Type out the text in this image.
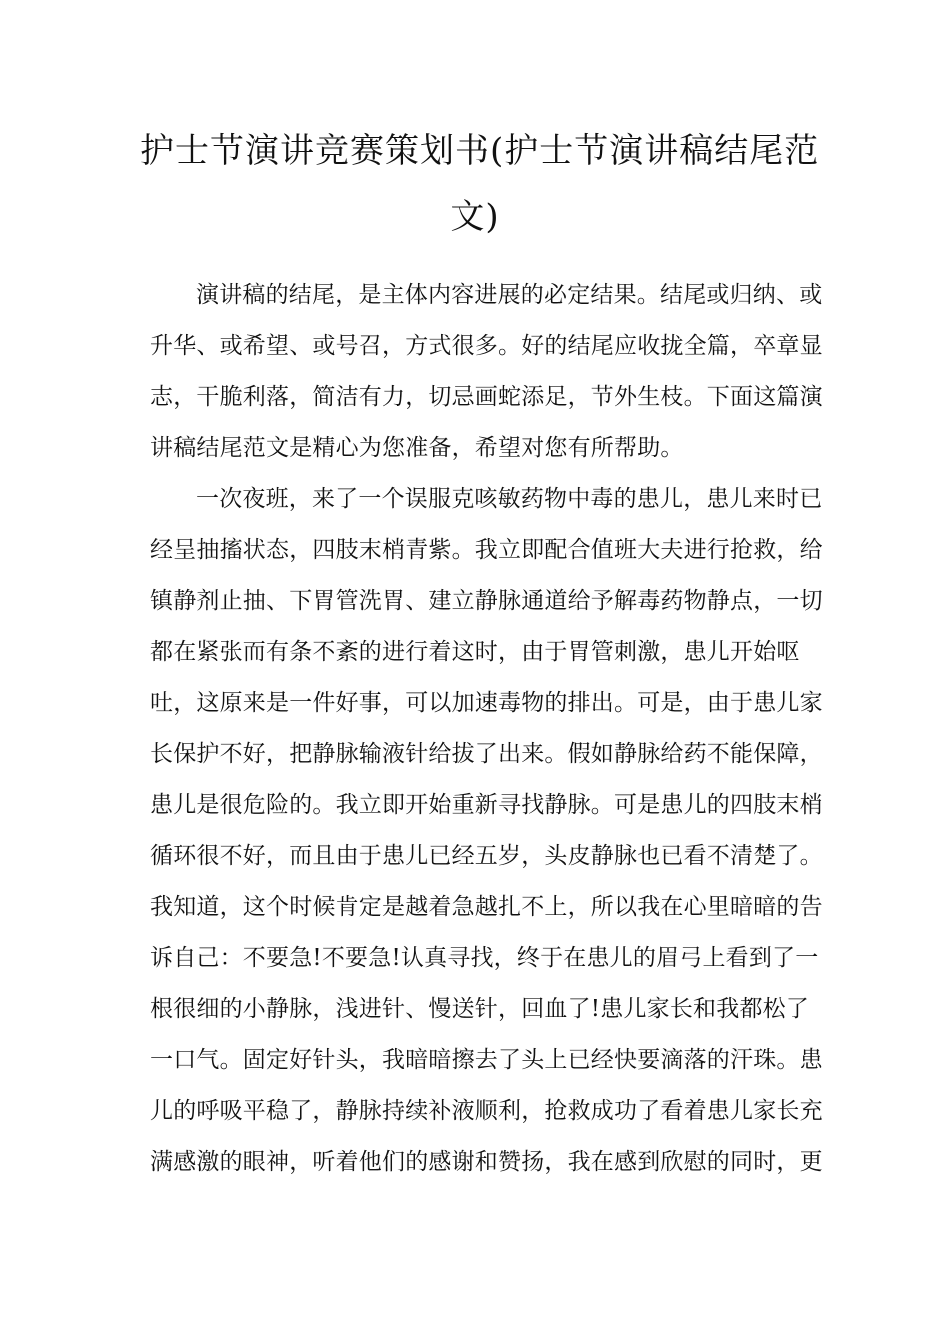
护士节演讲竞赛策划书(护士节演讲稿结尾范
文)
演讲稿的结尾，是主体内容进展的必定结果。结尾或归纳、或
升华、或希望、或号召，方式很多。好的结尾应收拢全篇，卒章显
志，干脆利落，简洁有力，切忌画蛇添足，节外生枝。下面这篇演
讲稿结尾范文是精心为您准备，希望对您有所帮助。
一次夜班，来了一个误服克咳敏药物中毒的患儿，患儿来时已
经呈抽搐状态，四肢末梢青紫。我立即配合值班大夫进行抢救，给
镇静剂止抽、下胃管洗胃、建立静脉通道给予解毒药物静点，一切
都在紧张而有条不紊的进行着这时，由于胃管刺激，患儿开始呕
吐，这原来是一件好事，可以加速毒物的排出。可是，由于患儿家
长保护不好，把静脉输液针给拔了出来。假如静脉给药不能保障，
患儿是很危险的。我立即开始重新寻找静脉。可是患儿的四肢末梢
循环很不好，而且由于患儿已经五岁，头皮静脉也已看不清楚了。
我知道，这个时候肯定是越着急越扎不上，所以我在心里暗暗的告
诉自己：不要急!不要急!认真寻找，终于在患儿的眉弓上看到了一
根很细的小静脉，浅进针、慢送针，回血了!患儿家长和我都松了
一口气。固定好针头，我暗暗擦去了头上已经快要滴落的汗珠。患
儿的呼吸平稳了，静脉持续补液顺利，抢救成功了看着患儿家长充
满感激的眼神，听着他们的感谢和赞扬，我在感到欣慰的同时，更
